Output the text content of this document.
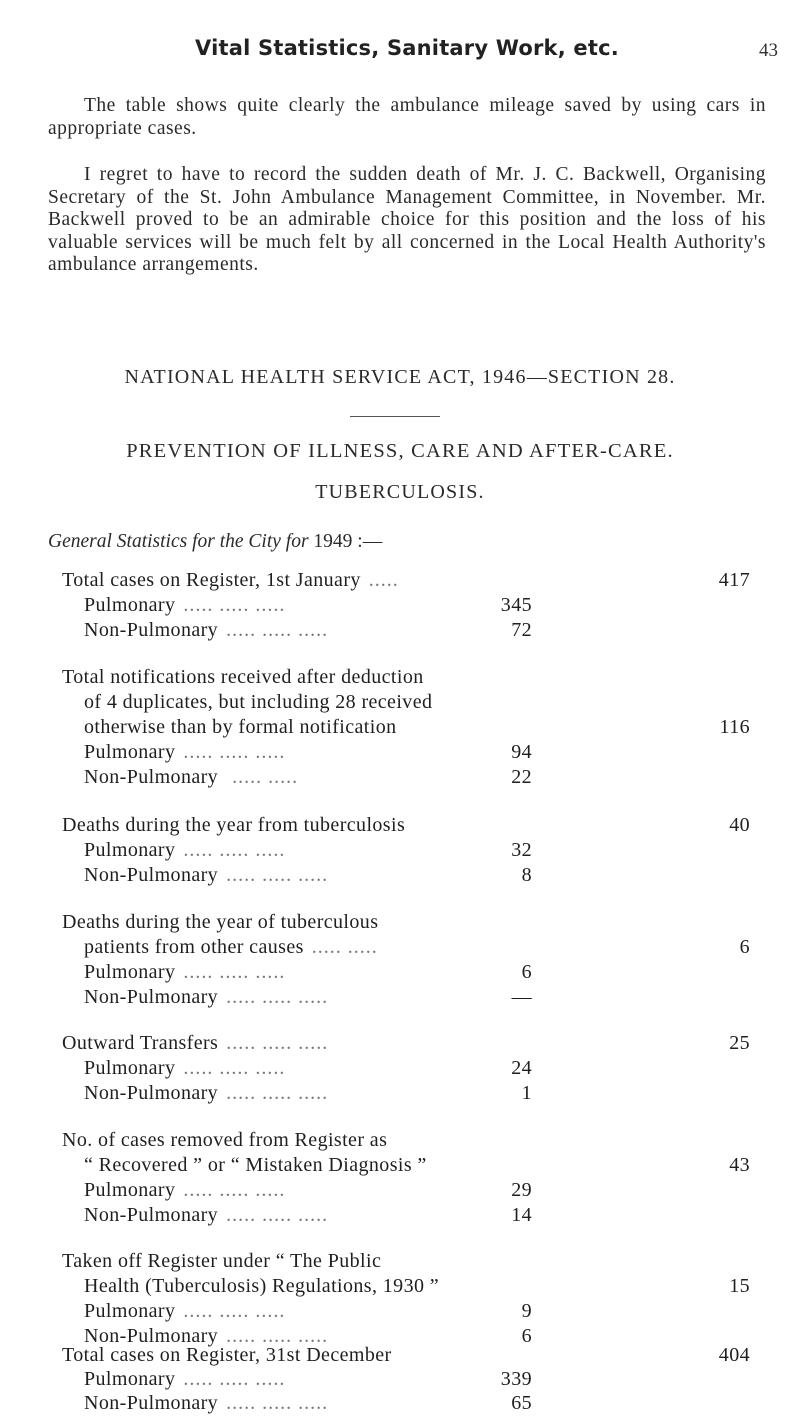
Vital Statistics, Sanitary Work, etc.	43
The table shows quite clearly the ambulance mileage saved by using cars in appropriate cases.
I regret to have to record the sudden death of Mr. J. C. Backwell, Organising Secretary of the St. John Ambulance Management Committee, in November. Mr. Backwell proved to be an admirable choice for this position and the loss of his valuable services will be much felt by all concerned in the Local Health Authority's ambulance arrangements.
NATIONAL HEALTH SERVICE ACT, 1946—SECTION 28.
PREVENTION OF ILLNESS, CARE AND AFTER-CARE.
TUBERCULOSIS.
General Statistics for the City for 1949 :—
Total cases on Register, 1st January .....	417
Pulmonary ..... ..... .....	345
Non-Pulmonary ..... ..... .....	72
Total notifications received after deduction
of 4 duplicates, but including 28 received
otherwise than by formal notification	116
Pulmonary ..... ..... .....	94
Non-Pulmonary ..... .....	22
Deaths during the year from tuberculosis	40
Pulmonary ..... ..... .....	32
Non-Pulmonary ..... ..... .....	8
Deaths during the year of tuberculous
patients from other causes ..... .....	6
Pulmonary ..... ..... .....	6
Non-Pulmonary ..... ..... .....	—
Outward Transfers ..... ..... .....	25
Pulmonary ..... ..... .....	24
Non-Pulmonary ..... ..... .....	1
No. of cases removed from Register as
“ Recovered ” or “ Mistaken Diagnosis ”	43
Pulmonary ..... ..... .....	29
Non-Pulmonary ..... ..... .....	14
Taken off Register under “ The Public
Health (Tuberculosis) Regulations, 1930 ”	15
Pulmonary ..... ..... .....	9
Non-Pulmonary ..... ..... .....	6
Total cases on Register, 31st December	404
Pulmonary ..... ..... .....	339
Non-Pulmonary ..... ..... .....	65
